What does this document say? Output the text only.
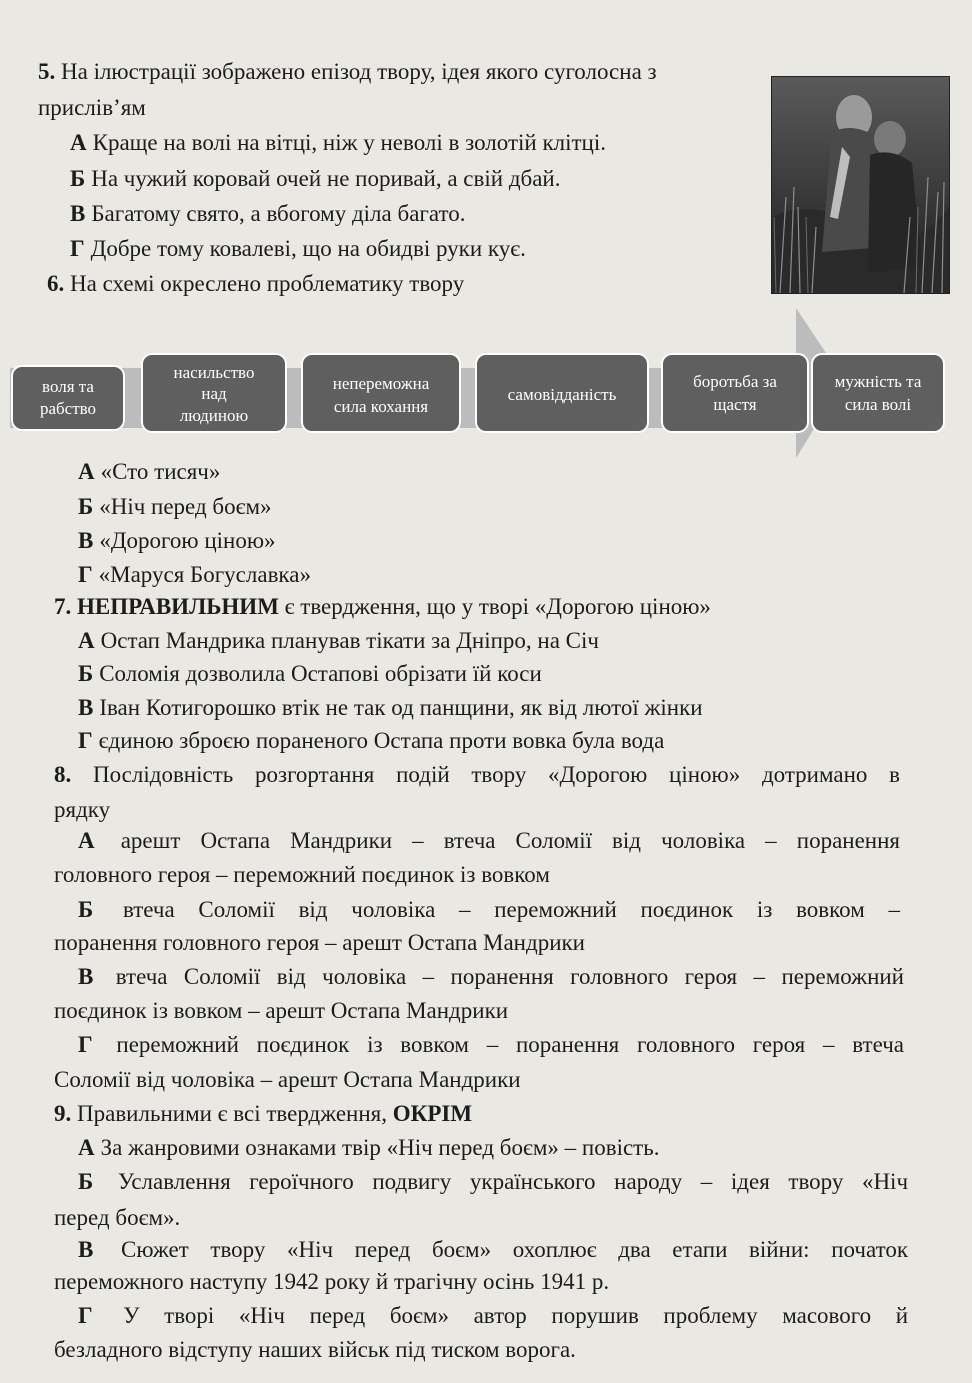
5. На ілюстрації зображено епізод твору, ідея якого суголосна з
прислів’ям
А Краще на волі на вітці, ніж у неволі в золотій клітці.
Б На чужий коровай очей не поривай, а свій дбай.
В Багатому свято, а вбогому діла багато.
Г Добре тому ковалеві, що на обидві руки кує.
6. На схемі окреслено проблематику твору
воля та
рабство
насильство
над
людиною
непереможна
сила кохання
самовідданість
боротьба за
щастя
мужність та
сила волі
А «Сто тисяч»
Б «Ніч перед боєм»
В «Дорогою ціною»
Г «Маруся Богуславка»
7. НЕПРАВИЛЬНИМ є твердження, що у творі «Дорогою ціною»
А Остап Мандрика планував тікати за Дніпро, на Січ
Б Соломія дозволила Остапові обрізати їй коси
В Іван Котигорошко втік не так од панщини, як від лютої жінки
Г єдиною зброєю пораненого Остапа проти вовка була вода
8. Послідовність розгортання подій твору «Дорогою ціною» дотримано в
рядку
А арешт Остапа Мандрики – втеча Соломії від чоловіка – поранення
головного героя – переможний поєдинок із вовком
Б втеча Соломії від чоловіка – переможний поєдинок із вовком –
поранення головного героя – арешт Остапа Мандрики
В втеча Соломії від чоловіка – поранення головного героя – переможний
поєдинок із вовком – арешт Остапа Мандрики
Г переможний поєдинок із вовком – поранення головного героя – втеча
Соломії від чоловіка – арешт Остапа Мандрики
9. Правильними є всі твердження, ОКРІМ
А За жанровими ознаками твір «Ніч перед боєм» – повість.
Б Уславлення героїчного подвигу українського народу – ідея твору «Ніч
перед боєм».
В Сюжет твору «Ніч перед боєм» охоплює два етапи війни: початок
переможного наступу 1942 року й трагічну осінь 1941 р.
Г У творі «Ніч перед боєм» автор порушив проблему масового й
безладного відступу наших військ під тиском ворога.
